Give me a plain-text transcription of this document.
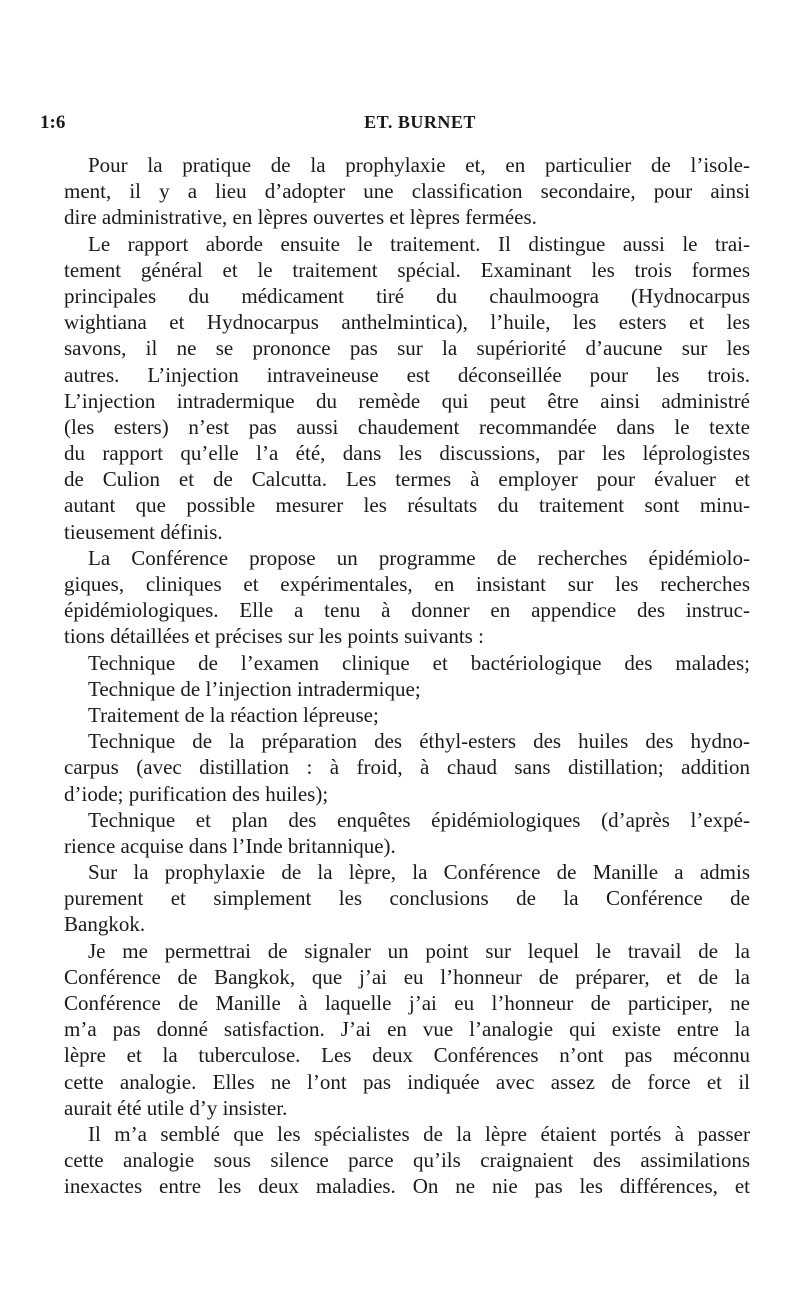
1:6	ET. BURNET
Pour la pratique de la prophylaxie et, en particulier de l’isole-
ment, il y a lieu d’adopter une classification secondaire, pour ainsi
dire administrative, en lèpres ouvertes et lèpres fermées.
Le rapport aborde ensuite le traitement. Il distingue aussi le trai-
tement général et le traitement spécial. Examinant les trois formes
principales du médicament tiré du chaulmoogra (Hydnocarpus
wightiana et Hydnocarpus anthelmintica), l’huile, les esters et les
savons, il ne se prononce pas sur la supériorité d’aucune sur les
autres. L’injection intraveineuse est déconseillée pour les trois.
L’injection intradermique du remède qui peut être ainsi administré
(les esters) n’est pas aussi chaudement recommandée dans le texte
du rapport qu’elle l’a été, dans les discussions, par les léprologistes
de Culion et de Calcutta. Les termes à employer pour évaluer et
autant que possible mesurer les résultats du traitement sont minu-
tieusement définis.
La Conférence propose un programme de recherches épidémiolo-
giques, cliniques et expérimentales, en insistant sur les recherches
épidémiologiques. Elle a tenu à donner en appendice des instruc-
tions détaillées et précises sur les points suivants :
Technique de l’examen clinique et bactériologique des malades;
Technique de l’injection intradermique;
Traitement de la réaction lépreuse;
Technique de la préparation des éthyl-esters des huiles des hydno-
carpus (avec distillation : à froid, à chaud sans distillation; addition
d’iode; purification des huiles);
Technique et plan des enquêtes épidémiologiques (d’après l’expé-
rience acquise dans l’Inde britannique).
Sur la prophylaxie de la lèpre, la Conférence de Manille a admis
purement et simplement les conclusions de la Conférence de
Bangkok.
Je me permettrai de signaler un point sur lequel le travail de la
Conférence de Bangkok, que j’ai eu l’honneur de préparer, et de la
Conférence de Manille à laquelle j’ai eu l’honneur de participer, ne
m’a pas donné satisfaction. J’ai en vue l’analogie qui existe entre la
lèpre et la tuberculose. Les deux Conférences n’ont pas méconnu
cette analogie. Elles ne l’ont pas indiquée avec assez de force et il
aurait été utile d’y insister.
Il m’a semblé que les spécialistes de la lèpre étaient portés à passer
cette analogie sous silence parce qu’ils craignaient des assimilations
inexactes entre les deux maladies. On ne nie pas les différences, et
